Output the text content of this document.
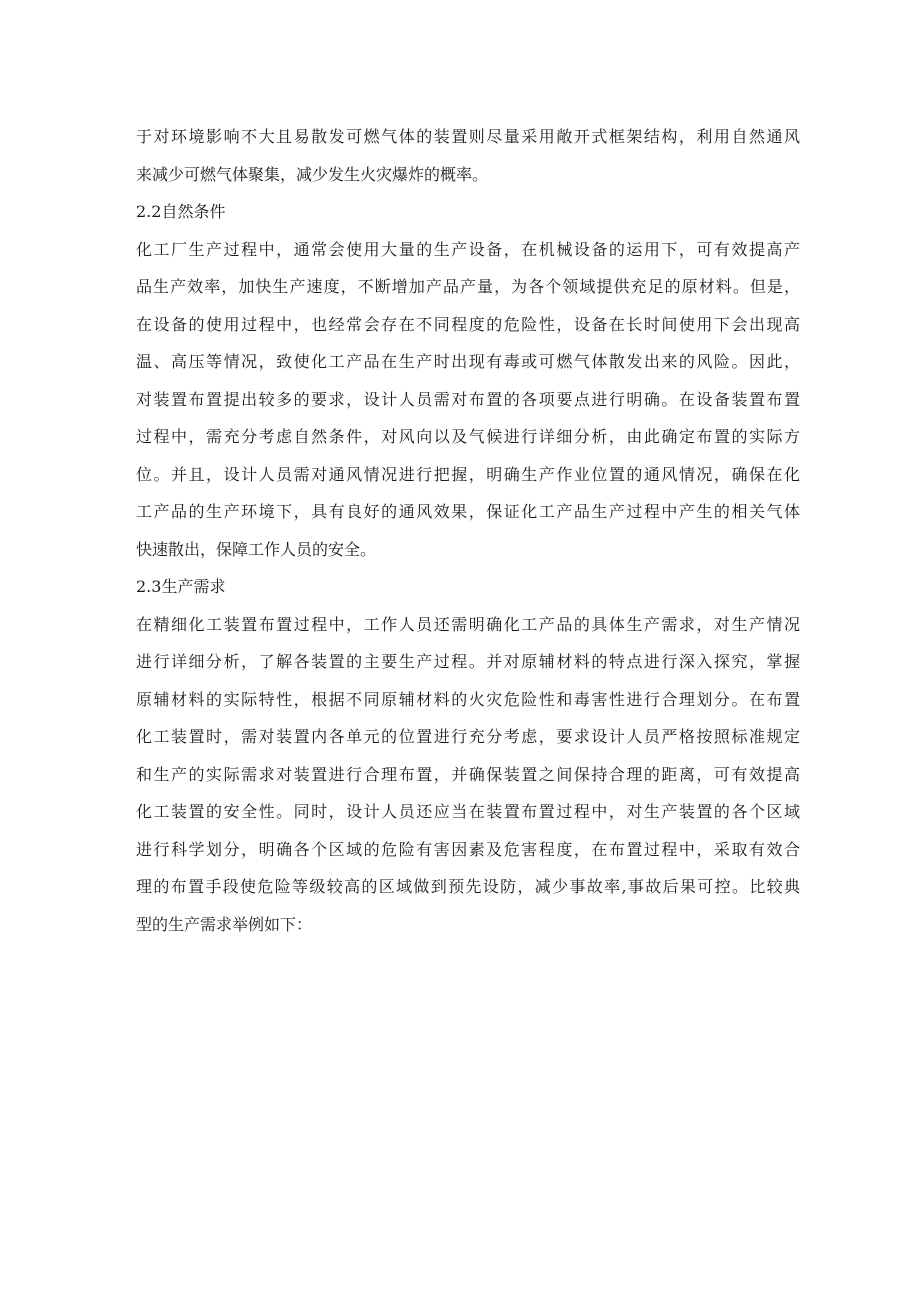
于对环境影响不大且易散发可燃气体的装置则尽量采用敞开式框架结构，利用自然通风
来减少可燃气体聚集，减少发生火灾爆炸的概率。
2.2自然条件
化工厂生产过程中，通常会使用大量的生产设备，在机械设备的运用下，可有效提高产
品生产效率，加快生产速度，不断增加产品产量，为各个领域提供充足的原材料。但是，
在设备的使用过程中，也经常会存在不同程度的危险性，设备在长时间使用下会出现高
温、高压等情况，致使化工产品在生产时出现有毒或可燃气体散发出来的风险。因此，
对装置布置提出较多的要求，设计人员需对布置的各项要点进行明确。在设备装置布置
过程中，需充分考虑自然条件，对风向以及气候进行详细分析，由此确定布置的实际方
位。并且，设计人员需对通风情况进行把握，明确生产作业位置的通风情况，确保在化
工产品的生产环境下，具有良好的通风效果，保证化工产品生产过程中产生的相关气体
快速散出，保障工作人员的安全。
2.3生产需求
在精细化工装置布置过程中，工作人员还需明确化工产品的具体生产需求，对生产情况
进行详细分析，了解各装置的主要生产过程。并对原辅材料的特点进行深入探究，掌握
原辅材料的实际特性，根据不同原辅材料的火灾危险性和毒害性进行合理划分。在布置
化工装置时，需对装置内各单元的位置进行充分考虑，要求设计人员严格按照标准规定
和生产的实际需求对装置进行合理布置，并确保装置之间保持合理的距离，可有效提高
化工装置的安全性。同时，设计人员还应当在装置布置过程中，对生产装置的各个区域
进行科学划分，明确各个区域的危险有害因素及危害程度，在布置过程中，采取有效合
理的布置手段使危险等级较高的区域做到预先设防，减少事故率,事故后果可控。比较典
型的生产需求举例如下：
